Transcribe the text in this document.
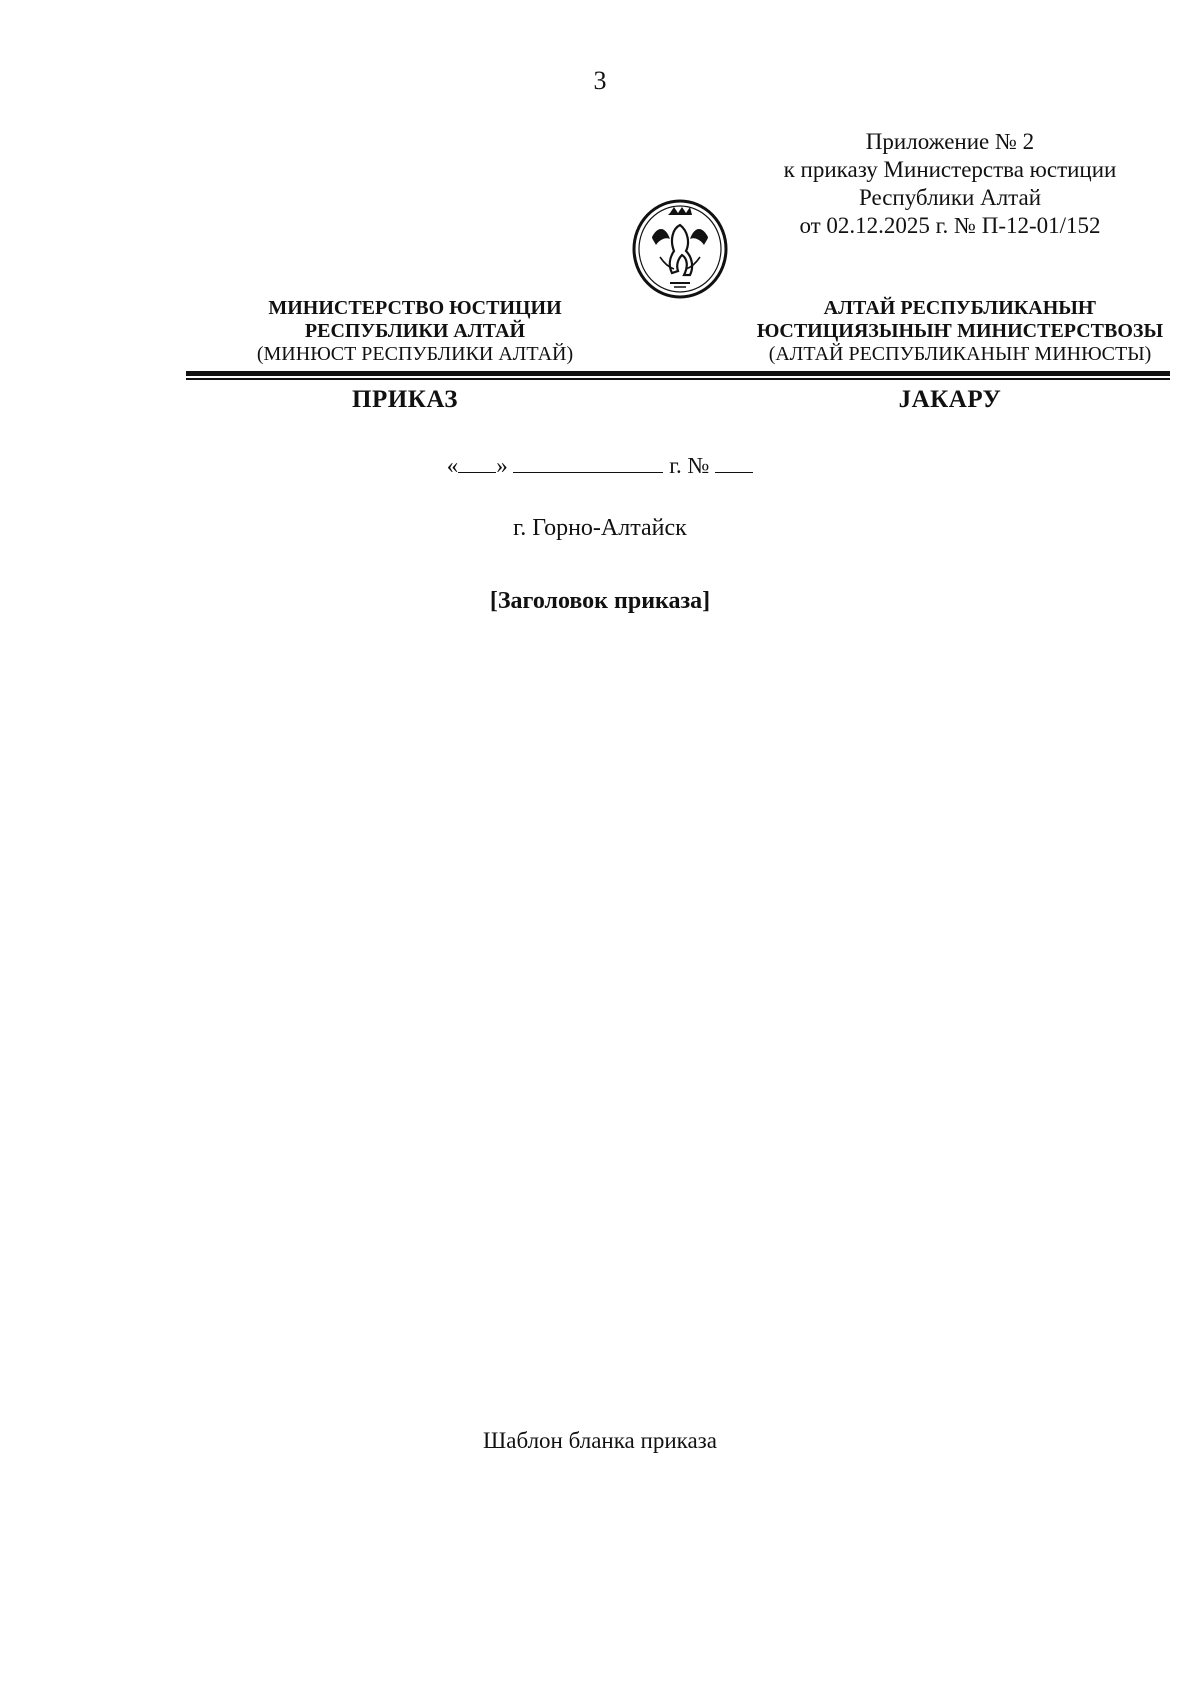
3
Приложение № 2
к приказу Министерства юстиции
Республики Алтай
от 02.12.2025 г. № П-12-01/152
МИНИСТЕРСТВО ЮСТИЦИИ
РЕСПУБЛИКИ АЛТАЙ
(МИНЮСТ РЕСПУБЛИКИ АЛТАЙ)
АЛТАЙ РЕСПУБЛИКАНЫҤ
ЮСТИЦИЯЗЫНЫҤ МИНИСТЕРСТВОЗЫ
(АЛТАЙ РЕСПУБЛИКАНЫҤ МИНЮСТЫ)
ПРИКАЗ	ЈАКАРУ
« »	г. №
г. Горно-Алтайск
[Заголовок приказа]
Шаблон бланка приказа
